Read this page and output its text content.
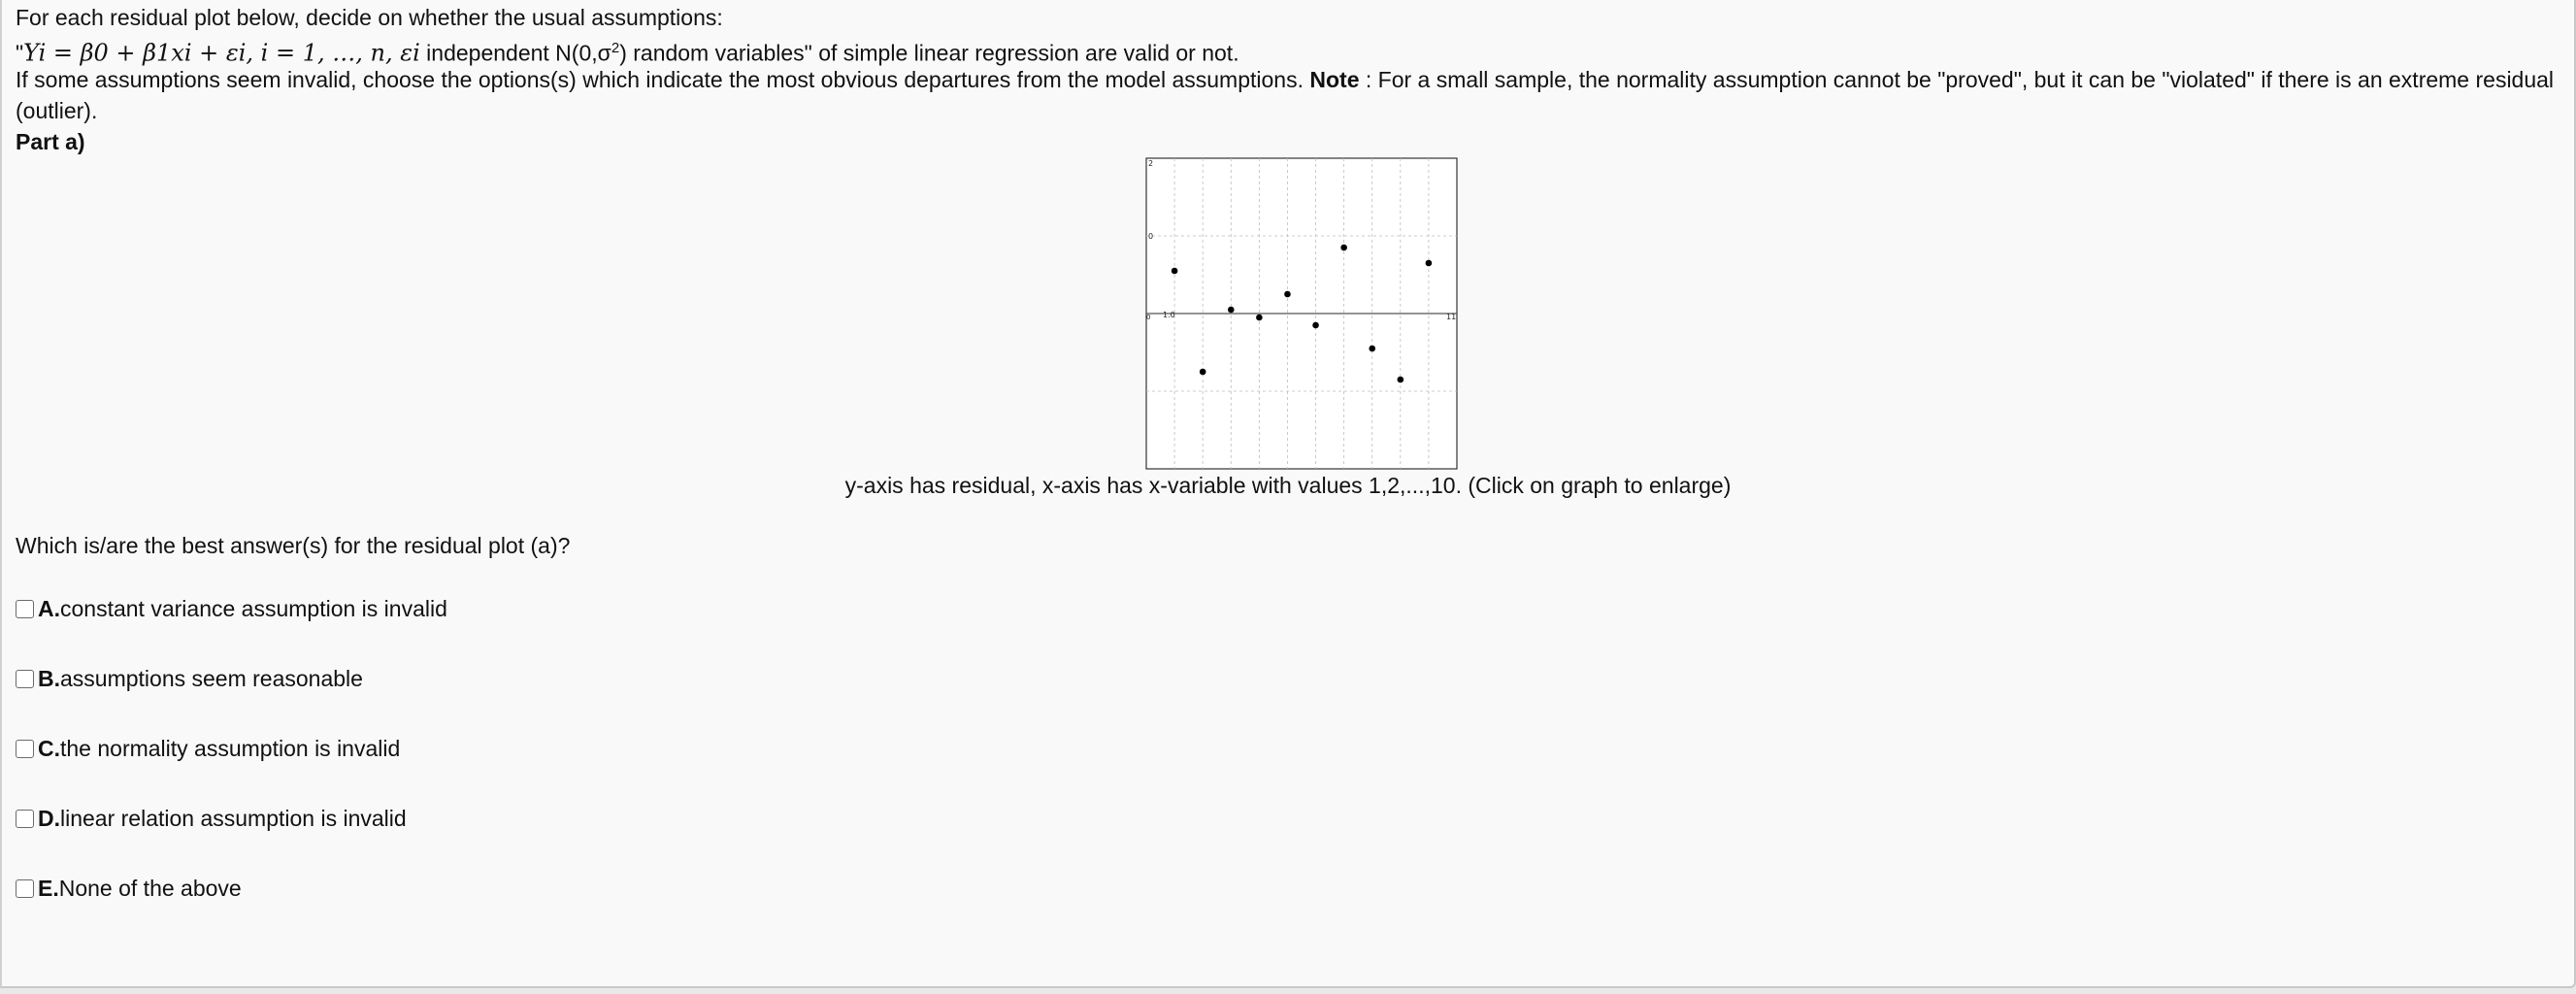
For each residual plot below, decide on whether the usual assumptions:
"Yi = β0 + β1xi + εi, i = 1, …, n, εi independent $N(0,\sigma^2)$ random variables" of simple linear regression are valid or not.
If some assumptions seem invalid, choose the options(s) which indicate the most obvious departures from the model assumptions. Note : For a small sample, the normality assumption cannot be "proved", but it can be "violated" if there is an extreme residual
(outlier).
Part a)
2
0
0 1.0	11
y-axis has residual, x-axis has x-variable with values 1,2,...,10. (Click on graph to enlarge)
Which is/are the best answer(s) for the residual plot (a)?
A. constant variance assumption is invalid
B. assumptions seem reasonable
C. the normality assumption is invalid
D. linear relation assumption is invalid
E. None of the above
